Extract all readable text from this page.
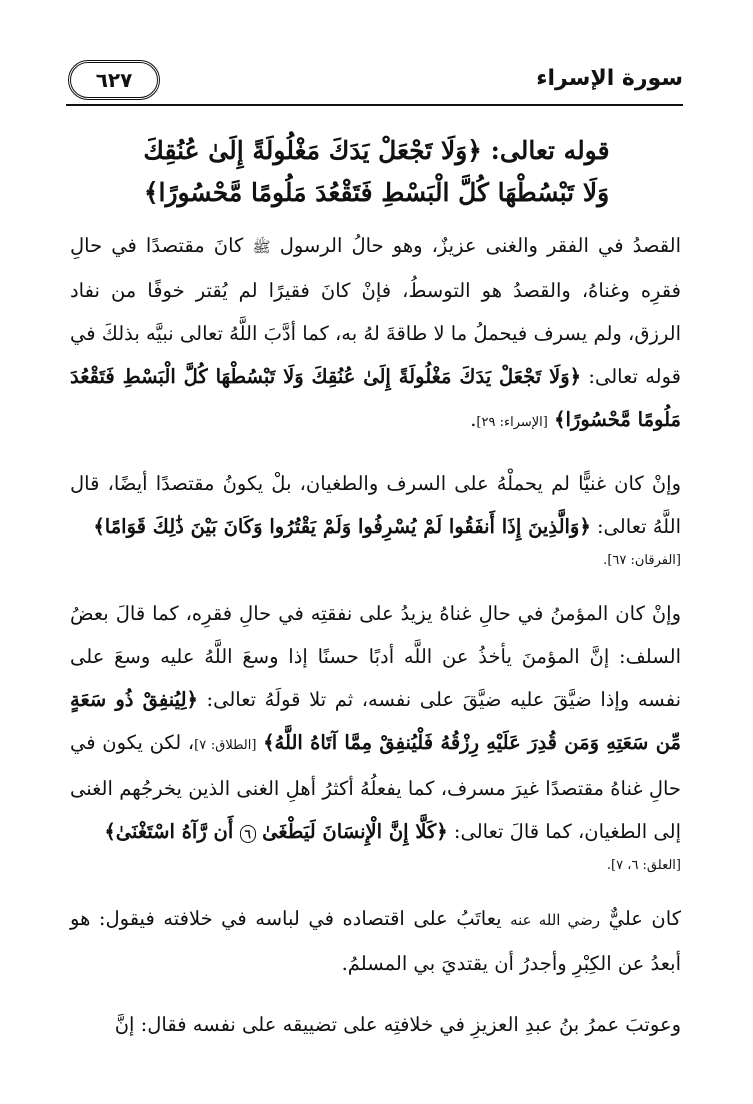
سورة الإسراء
٦٢٧
قوله تعالى: ﴿وَلَا تَجْعَلْ يَدَكَ مَغْلُولَةً إِلَىٰ عُنُقِكَ
وَلَا تَبْسُطْهَا كُلَّ الْبَسْطِ فَتَقْعُدَ مَلُومًا مَّحْسُورًا﴾

القصدُ في الفقر والغنى عزيزٌ، وهو حالُ الرسول ﷺ كانَ مقتصدًا في حالِ فقرِه وغناهُ، والقصدُ هو التوسطُ، فإنْ كانَ فقيرًا لم يُقتر خوفًا من نفاد الرزق، ولم يسرف فيحملُ ما لا طاقةَ لهُ به، كما أدَّبَ اللَّهُ تعالى نبيَّه بذلكَ في قوله تعالى: ﴿وَلَا تَجْعَلْ يَدَكَ مَغْلُولَةً إِلَىٰ عُنُقِكَ وَلَا تَبْسُطْهَا كُلَّ الْبَسْطِ فَتَقْعُدَ مَلُومًا مَّحْسُورًا﴾ [الإسراء: ٢٩].

وإنْ كان غنيًّا لم يحملْهُ على السرف والطغيان، بلْ يكونُ مقتصدًا أيضًا، قال اللَّهُ تعالى: ﴿وَالَّذِينَ إِذَا أَنفَقُوا لَمْ يُسْرِفُوا وَلَمْ يَقْتُرُوا وَكَانَ بَيْنَ ذَٰلِكَ قَوَامًا﴾
[الفرقان: ٦٧].

وإنْ كان المؤمنُ في حالِ غناهُ يزيدُ على نفقتِه في حالِ فقرِه، كما قالَ بعضُ السلف: إنَّ المؤمنَ يأخذُ عن اللَّه أدبًا حسنًا إذا وسعَ اللَّهُ عليه وسعَ على نفسه وإذا ضيَّقَ عليه ضيَّقَ على نفسه، ثم تلا قولَهُ تعالى: ﴿لِيُنفِقْ ذُو سَعَةٍ مِّن سَعَتِهِ وَمَن قُدِرَ عَلَيْهِ رِزْقُهُ فَلْيُنفِقْ مِمَّا آتَاهُ اللَّهُ﴾ [الطلاق: ٧]، لكن يكون في حالِ غناهُ مقتصدًا غيرَ مسرف، كما يفعلُهُ أكثرُ أهلِ الغنى الذين يخرجُهم الغنى إلى الطغيان، كما قالَ تعالى: ﴿كَلَّا إِنَّ الْإِنسَانَ لَيَطْغَىٰ ٦ أَن رَّآهُ اسْتَغْنَىٰ﴾
[العلق: ٦، ٧].

كان عليٌّ رضي الله عنه يعاتَبُ على اقتصاده في لباسه في خلافته فيقول: هو أبعدُ عن الكِبْرِ وأجدرُ أن يقتديَ بي المسلمُ.

وعوتبَ عمرُ بنُ عبدِ العزيزِ في خلافتِه على تضييقه على نفسه فقال: إنَّ
